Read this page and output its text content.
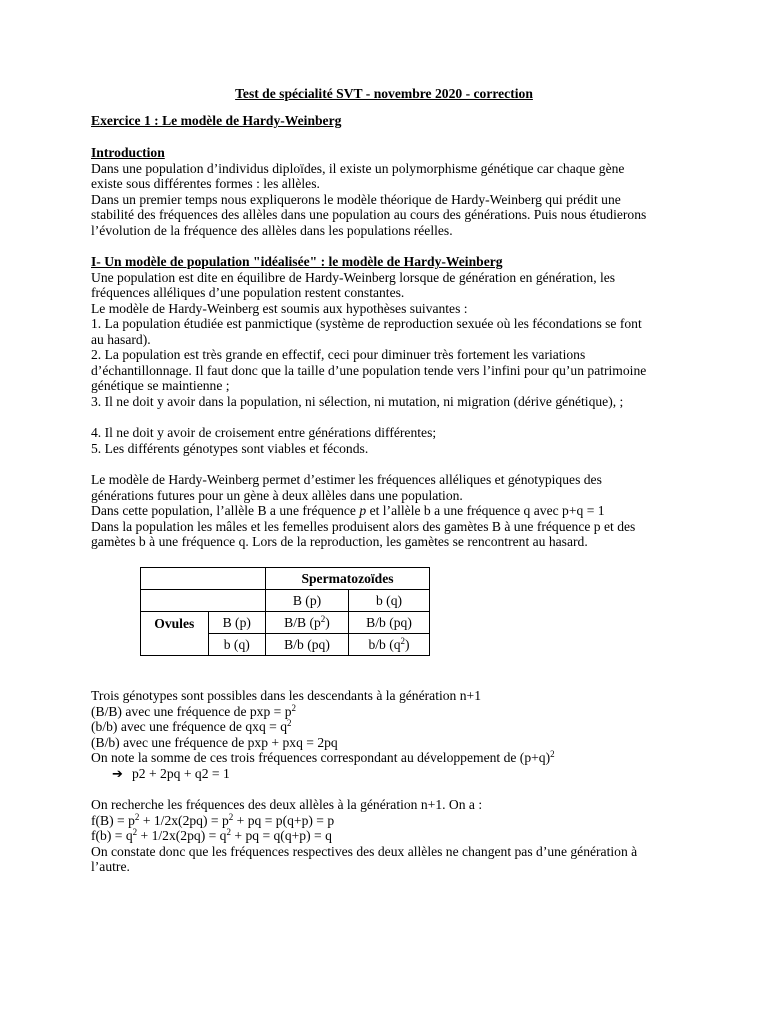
Test de spécialité SVT - novembre 2020 - correction
Exercice 1 : Le modèle de Hardy-Weinberg
Introduction
Dans une population d’individus diploïdes, il existe un polymorphisme génétique car chaque gène
existe sous différentes formes : les allèles.
Dans un premier temps nous expliquerons le modèle théorique de Hardy-Weinberg qui prédit une
stabilité des fréquences des allèles dans une population au cours des générations. Puis nous étudierons
l’évolution de la fréquence des allèles dans les populations réelles.
I- Un modèle de population "idéalisée" : le modèle de Hardy-Weinberg
Une population est dite en équilibre de Hardy-Weinberg lorsque de génération en génération, les
fréquences alléliques d’une population restent constantes.
Le modèle de Hardy-Weinberg est soumis aux hypothèses suivantes :
1. La population étudiée est panmictique (système de reproduction sexuée où les fécondations se font
au hasard).
2. La population est très grande en effectif, ceci pour diminuer très fortement les variations
d’échantillonnage. Il faut donc que la taille d’une population tende vers l’infini pour qu’un patrimoine
génétique se maintienne ;
3. Il ne doit y avoir dans la population, ni sélection, ni mutation, ni migration (dérive génétique), ;
4. Il ne doit y avoir de croisement entre générations différentes;
5. Les différents génotypes sont viables et féconds.
Le modèle de Hardy-Weinberg permet d’estimer les fréquences alléliques et génotypiques des
générations futures pour un gène à deux allèles dans une population.
Dans cette population, l’allèle B a une fréquence p et l’allèle b a une fréquence q avec p+q = 1
Dans la population les mâles et les femelles produisent alors des gamètes B à une fréquence p et des
gamètes b à une fréquence q. Lors de la reproduction, les gamètes se rencontrent au hasard.
		Spermatozoïdes	
		B (p)	b (q)
Ovules	B (p)	B/B $(p^2)$	B/b (pq)
	b (q)	B/b (pq)	b/b $(q^2)$
Trois génotypes sont possibles dans les descendants à la génération n+1
(B/B) avec une fréquence de pxp = $p^2$
(b/b) avec une fréquence de qxq = $q^2$
(B/b) avec une fréquence de pxp + pxq = 2pq
On note la somme de ces trois fréquences correspondant au développement de $(p+q)^2$
➔ p2 + 2pq + q2 = 1
On recherche les fréquences des deux allèles à la génération n+1. On a :
$f(B) = p^2 + 1/2x(2pq) = p^2$ + pq = p(q+p) = p
$f(b) = q^2 + 1/2x(2pq) = q^2$ + pq = q(q+p) = q
On constate donc que les fréquences respectives des deux allèles ne changent pas d’une génération à
l’autre.
